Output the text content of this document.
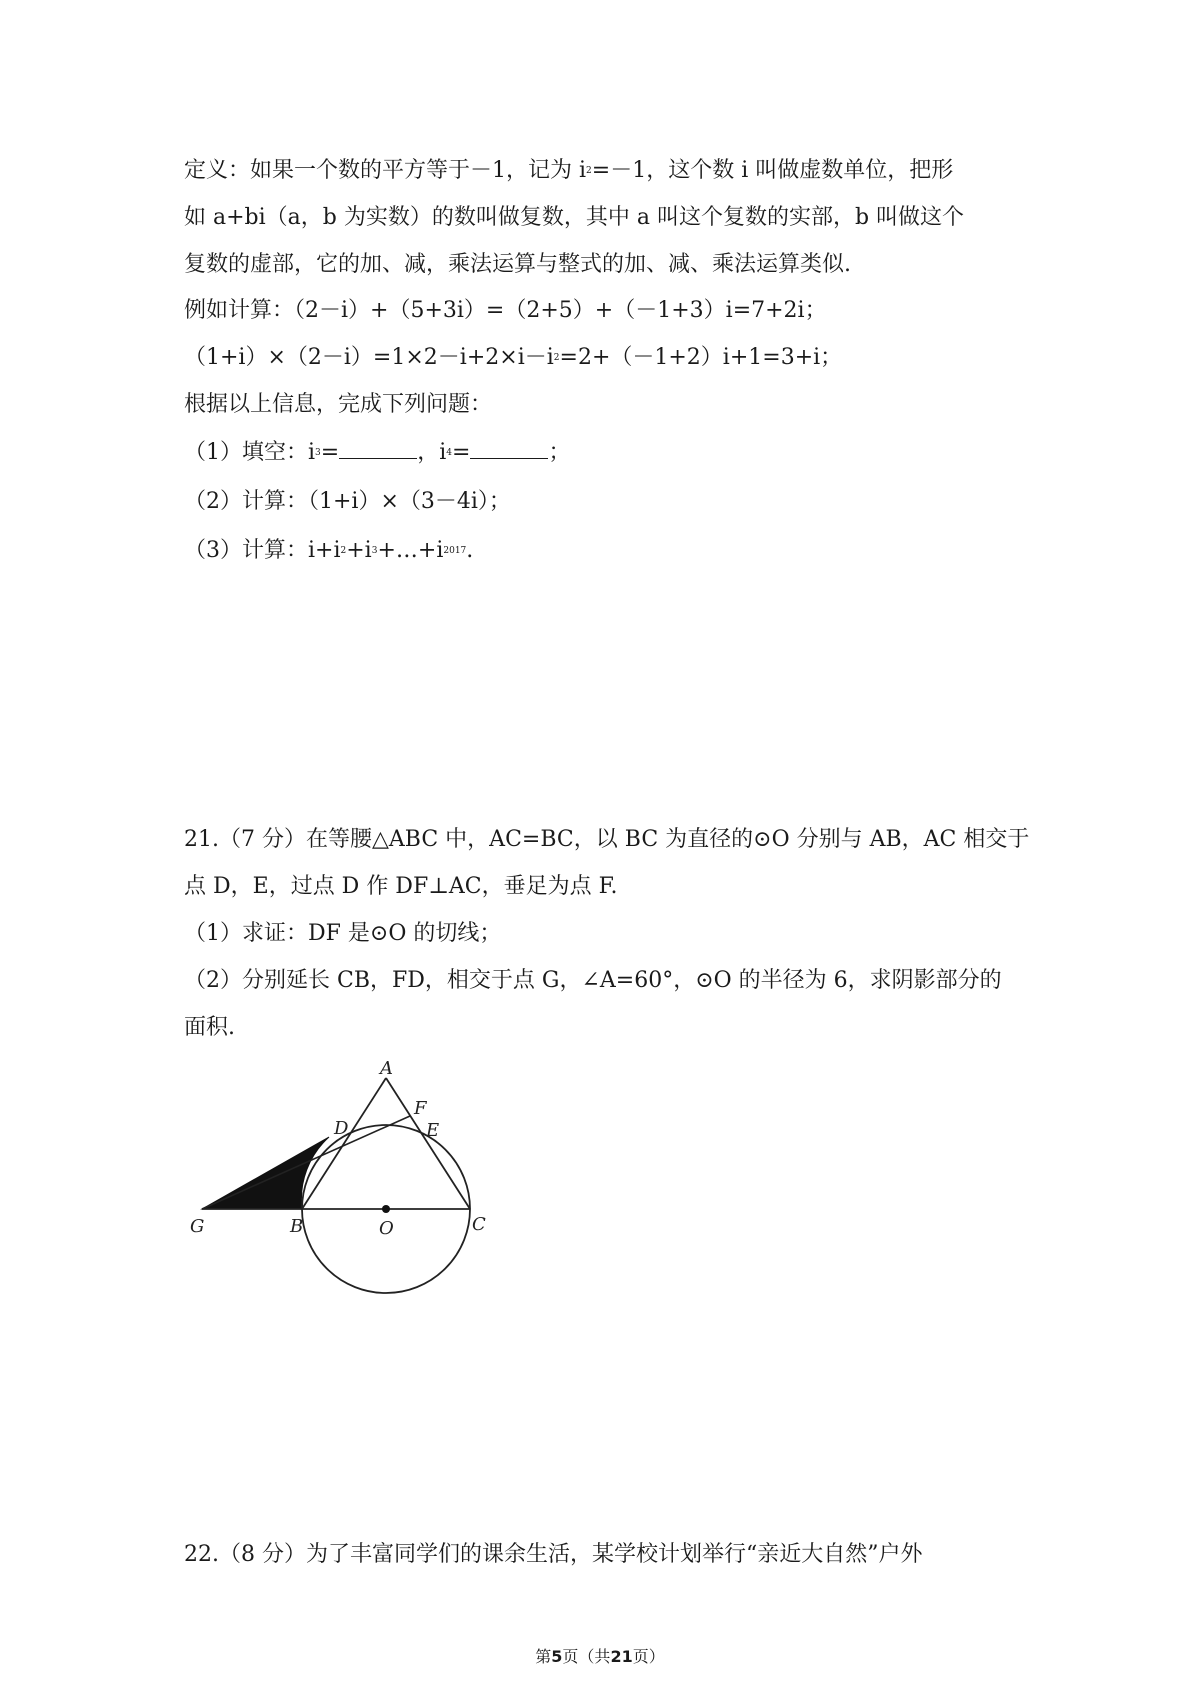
定义：如果一个数的平方等于－1，记为 $i^2=-1$，这个数 i 叫做虚数单位，把形
如 a+bi（a，b 为实数）的数叫做复数，其中 a 叫这个复数的实部，b 叫做这个
复数的虚部，它的加、减，乘法运算与整式的加、减、乘法运算类似.
例如计算：（2－i）+（5+3i）=（2+5）+（－1+3）i=7+2i；
$(1+i)\times(2-i)=1\times 2-i+2\times i-i^2=2+(-1+2)i+1=3+i$；
根据以上信息，完成下列问题：
（1）填空：$i^3=$	，$i^4=$	；
（2）计算：（1+i）×（3－4i）；
（3）计算：$i+i^2+i^3+\dots+i^{2017}$.
21.（7 分）在等腰△ABC 中，AC=BC，以 BC 为直径的⊙O 分别与 AB，AC 相交于
点 D，E，过点 D 作 DF⊥AC，垂足为点 F.
（1）求证：DF 是⊙O 的切线；
（2）分别延长 CB，FD，相交于点 G，∠A=60°，⊙O 的半径为 6，求阴影部分的
面积.
A
F
D	E
G	B	O	C
22.（8 分）为了丰富同学们的课余生活，某学校计划举行“亲近大自然”户外
第5页（共21页）
